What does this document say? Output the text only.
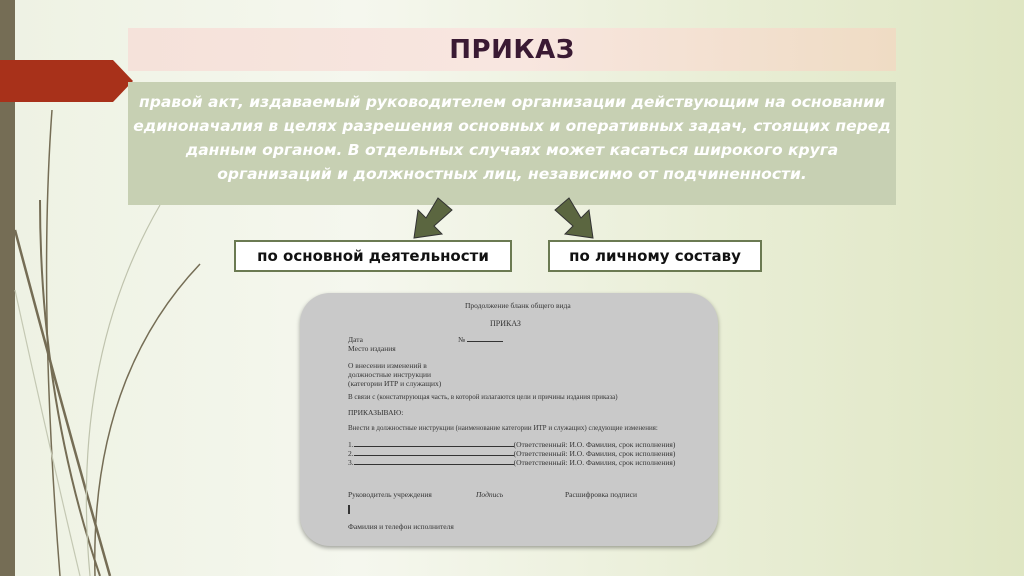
ПРИКАЗ
правой акт, издаваемый руководителем организации действующим на основании единоначалия в целях разрешения основных и оперативных задач, стоящих перед данным органом. В отдельных случаях может касаться широкого круга организаций и должностных лиц, независимо от подчиненности.
по основной деятельности	по личному составу
Продолжение бланк общего вида
ПРИКАЗ
Дата	№
Место издания
О внесении изменений в
должностные инструкции
(категории ИТР и служащих)
В связи с (констатирующая часть, в которой излагаются цели и причины издания приказа)
ПРИКАЗЫВАЮ:
Внести в должностные инструкции (наименование категории ИТР и служащих) следующие изменения:
1.	(Ответственный: И.О. Фамилия, срок исполнения)
2.	(Ответственный: И.О. Фамилия, срок исполнения)
3.	(Ответственный: И.О. Фамилия, срок исполнения)
Руководитель учреждения	Подпись	Расшифровка подписи
Фамилия и телефон исполнителя
